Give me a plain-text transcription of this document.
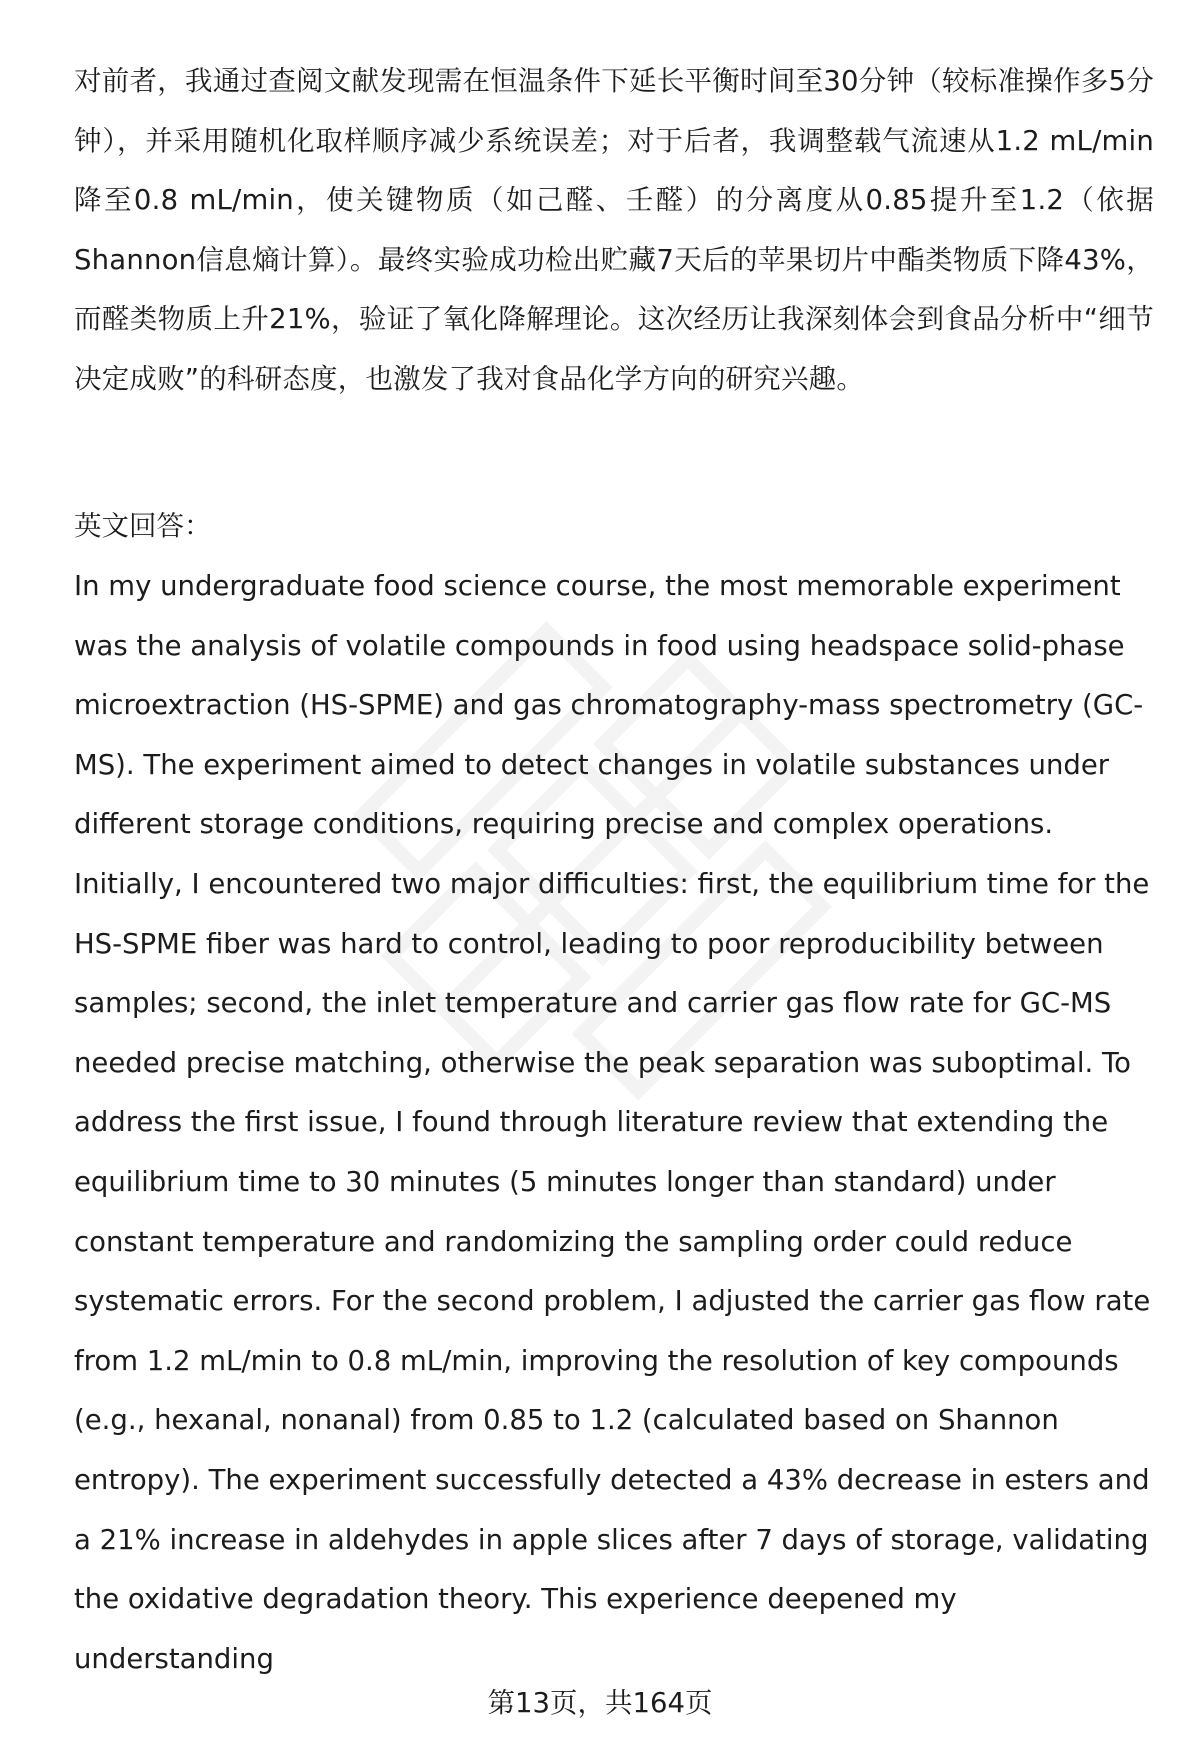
对前者，我通过查阅文献发现需在恒温条件下延长平衡时间至30分钟（较标准操作多5分钟），并采用随机化取样顺序减少系统误差；对于后者，我调整载气流速从1.2 mL/min降至0.8 mL/min，使关键物质（如己醛、壬醛）的分离度从0.85提升至1.2（依据Shannon信息熵计算）。最终实验成功检出贮藏7天后的苹果切片中酯类物质下降43%，而醛类物质上升21%，验证了氧化降解理论。这次经历让我深刻体会到食品分析中“细节决定成败”的科研态度，也激发了我对食品化学方向的研究兴趣。

英文回答：

In my undergraduate food science course, the most memorable experiment was the analysis of volatile compounds in food using headspace solid-phase microextraction (HS-SPME) and gas chromatography-mass spectrometry (GC-MS). The experiment aimed to detect changes in volatile substances under different storage conditions, requiring precise and complex operations. Initially, I encountered two major difficulties: first, the equilibrium time for the HS-SPME fiber was hard to control, leading to poor reproducibility between samples; second, the inlet temperature and carrier gas flow rate for GC-MS needed precise matching, otherwise the peak separation was suboptimal. To address the first issue, I found through literature review that extending the equilibrium time to 30 minutes (5 minutes longer than standard) under constant temperature and randomizing the sampling order could reduce systematic errors. For the second problem, I adjusted the carrier gas flow rate from 1.2 mL/min to 0.8 mL/min, improving the resolution of key compounds (e.g., hexanal, nonanal) from 0.85 to 1.2 (calculated based on Shannon entropy). The experiment successfully detected a 43% decrease in esters and a 21% increase in aldehydes in apple slices after 7 days of storage, validating the oxidative degradation theory. This experience deepened my understanding

第13页，共164页
